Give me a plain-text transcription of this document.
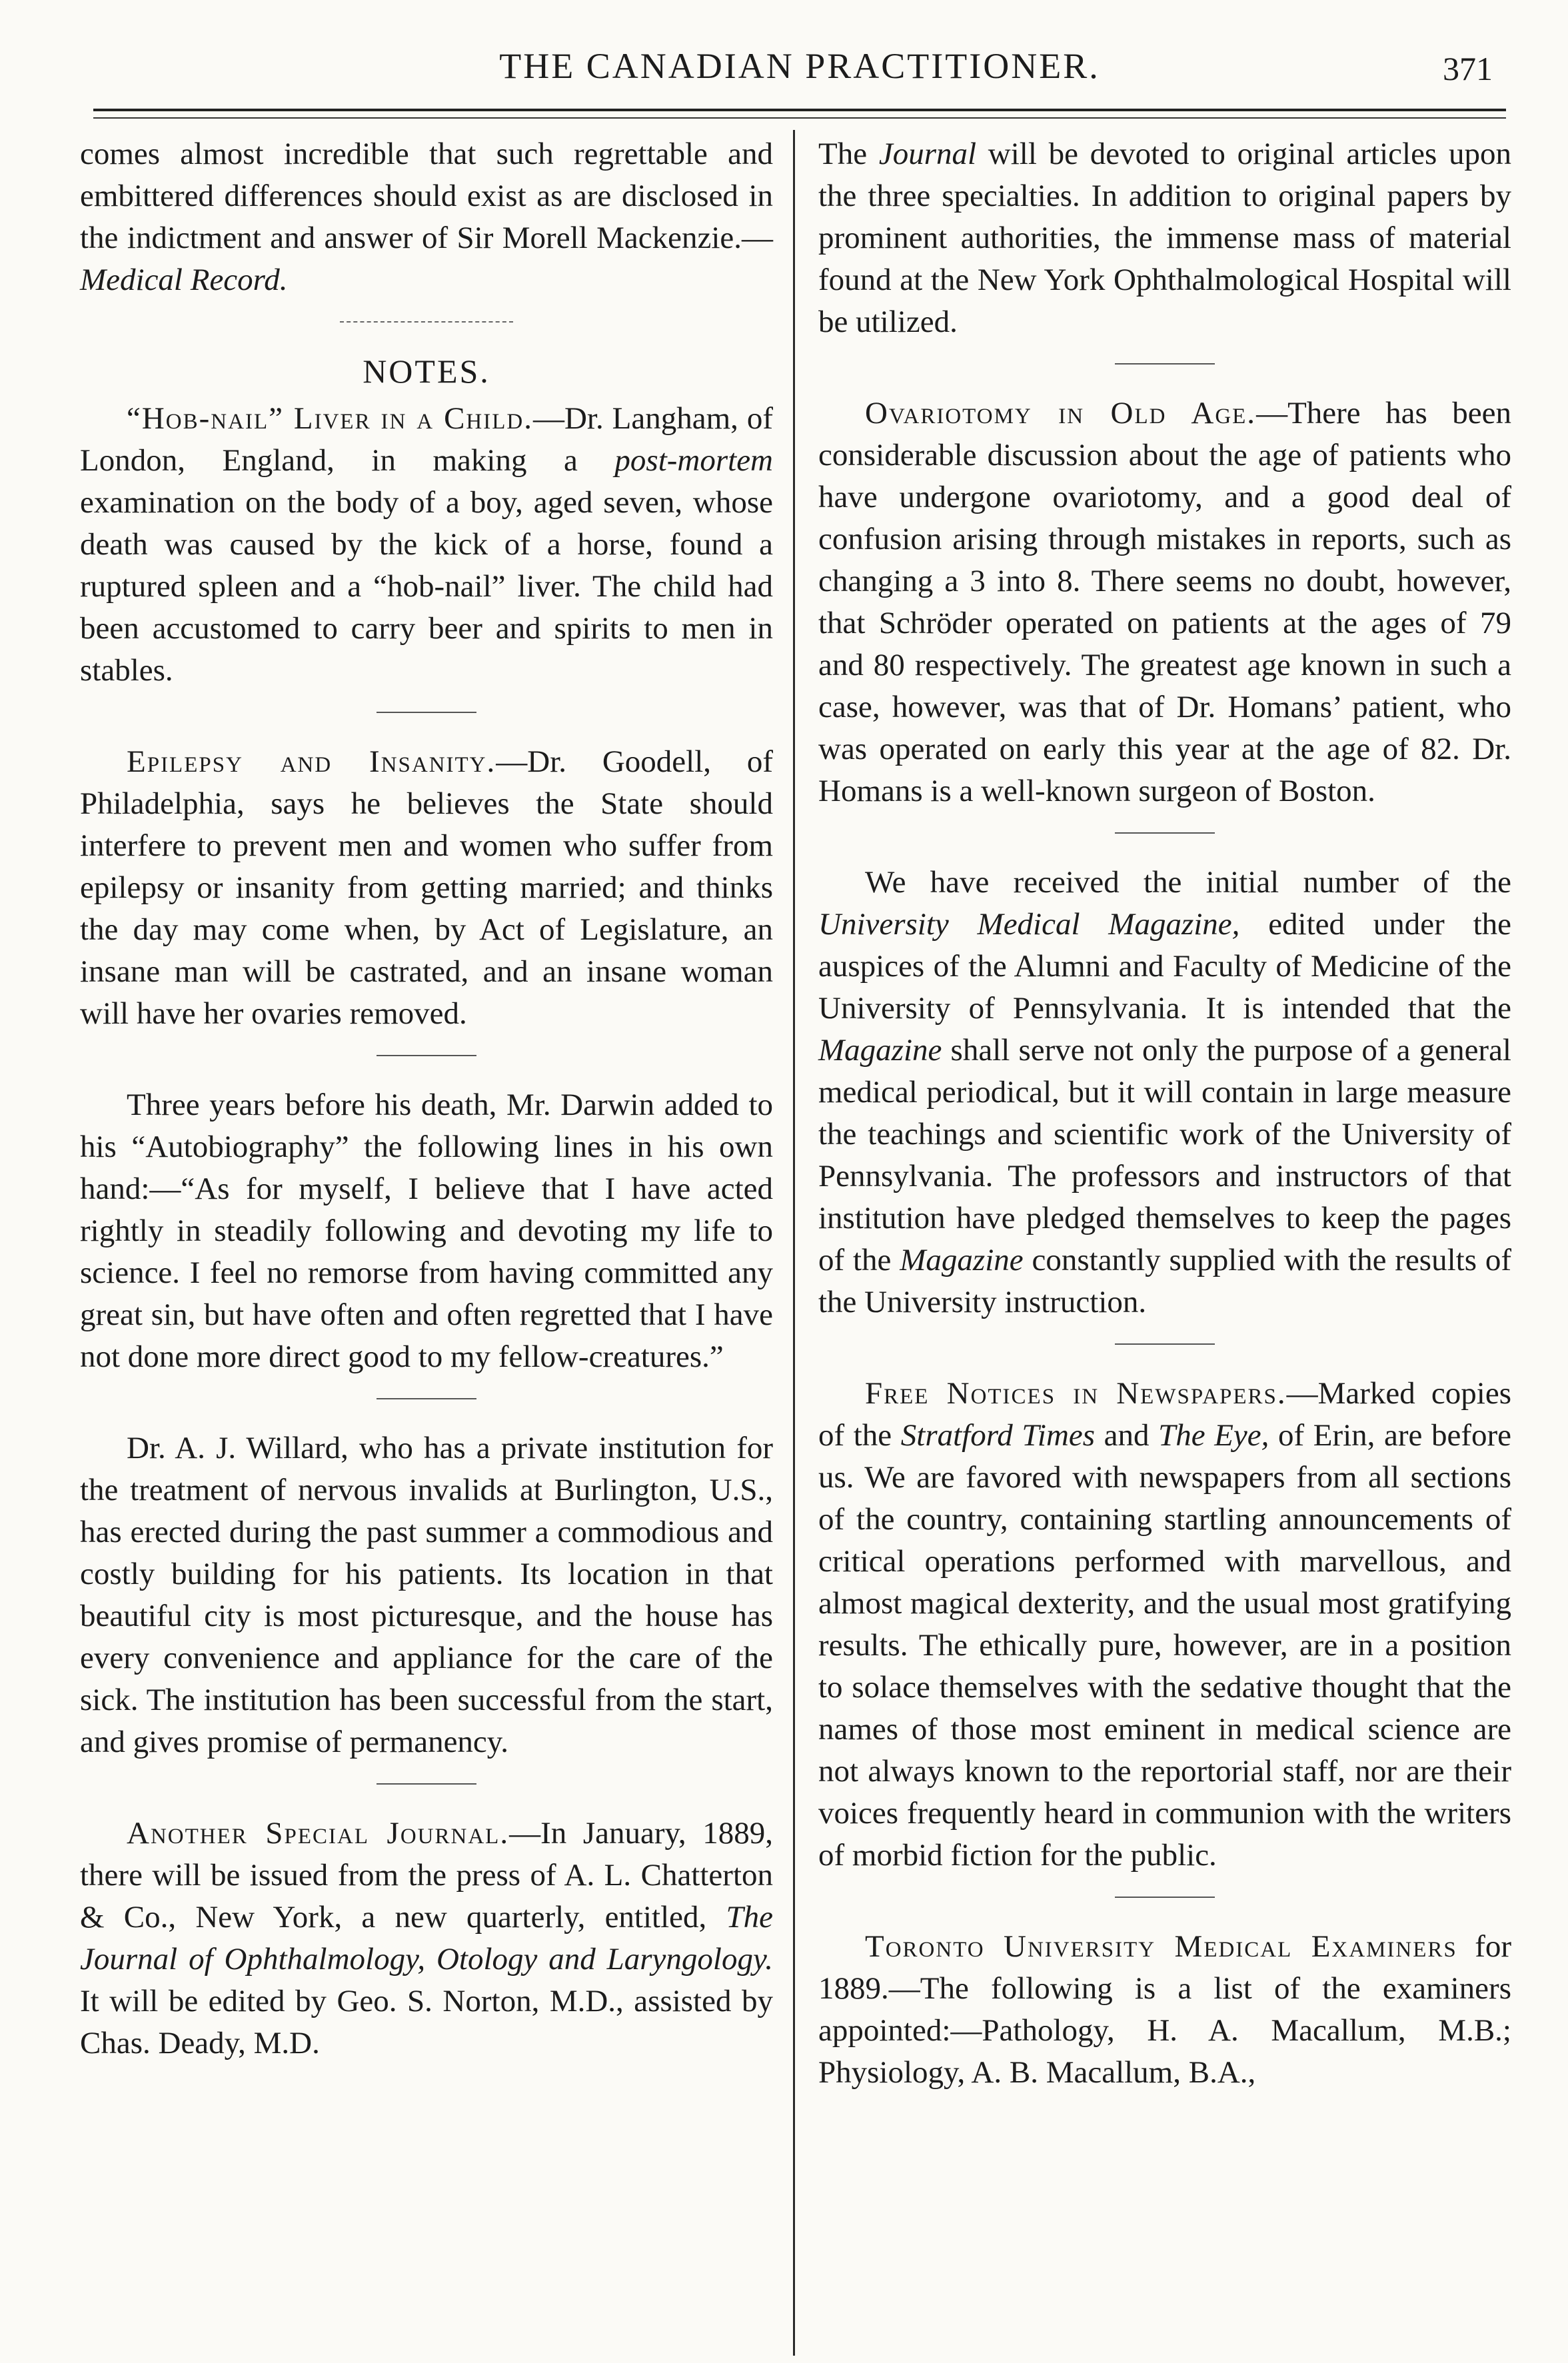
THE CANADIAN PRACTITIONER.	371

comes almost incredible that such regrettable and embittered differences should exist as are disclosed in the indictment and answer of Sir Morell Mackenzie.—Medical Record.

NOTES.

“Hob-nail” Liver in a Child.—Dr. Langham, of London, England, in making a post-mortem examination on the body of a boy, aged seven, whose death was caused by the kick of a horse, found a ruptured spleen and a “hob-nail” liver. The child had been accustomed to carry beer and spirits to men in stables.

Epilepsy and Insanity.—Dr. Goodell, of Philadelphia, says he believes the State should interfere to prevent men and women who suffer from epilepsy or insanity from getting married; and thinks the day may come when, by Act of Legislature, an insane man will be castrated, and an insane woman will have her ovaries removed.

Three years before his death, Mr. Darwin added to his “Autobiography” the following lines in his own hand:—“As for myself, I believe that I have acted rightly in steadily following and devoting my life to science. I feel no remorse from having committed any great sin, but have often and often regretted that I have not done more direct good to my fellow-creatures.”

Dr. A. J. Willard, who has a private institution for the treatment of nervous invalids at Burlington, U.S., has erected during the past summer a commodious and costly building for his patients. Its location in that beautiful city is most picturesque, and the house has every convenience and appliance for the care of the sick. The institution has been successful from the start, and gives promise of permanency.

Another Special Journal.—In January, 1889, there will be issued from the press of A. L. Chatterton & Co., New York, a new quarterly, entitled, The Journal of Ophthalmology, Otology and Laryngology. It will be edited by Geo. S. Norton, M.D., assisted by Chas. Deady, M.D.

The Journal will be devoted to original articles upon the three specialties. In addition to original papers by prominent authorities, the immense mass of material found at the New York Ophthalmological Hospital will be utilized.

Ovariotomy in Old Age.—There has been considerable discussion about the age of patients who have undergone ovariotomy, and a good deal of confusion arising through mistakes in reports, such as changing a 3 into 8. There seems no doubt, however, that Schröder operated on patients at the ages of 79 and 80 respectively. The greatest age known in such a case, however, was that of Dr. Homans’ patient, who was operated on early this year at the age of 82. Dr. Homans is a well-known surgeon of Boston.

We have received the initial number of the University Medical Magazine, edited under the auspices of the Alumni and Faculty of Medicine of the University of Pennsylvania. It is intended that the Magazine shall serve not only the purpose of a general medical periodical, but it will contain in large measure the teachings and scientific work of the University of Pennsylvania. The professors and instructors of that institution have pledged themselves to keep the pages of the Magazine constantly supplied with the results of the University instruction.

Free Notices in Newspapers.—Marked copies of the Stratford Times and The Eye, of Erin, are before us. We are favored with newspapers from all sections of the country, containing startling announcements of critical operations performed with marvellous, and almost magical dexterity, and the usual most gratifying results. The ethically pure, however, are in a position to solace themselves with the sedative thought that the names of those most eminent in medical science are not always known to the reportorial staff, nor are their voices frequently heard in communion with the writers of morbid fiction for the public.

Toronto University Medical Examiners for 1889.—The following is a list of the examiners appointed:—Pathology, H. A. Macallum, M.B.; Physiology, A. B. Macallum, B.A.,
